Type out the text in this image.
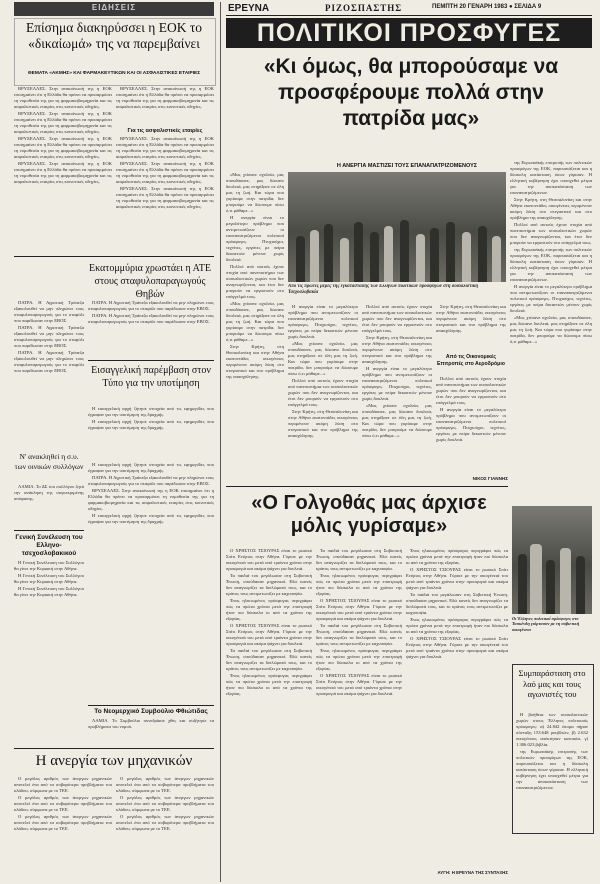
ΕΙΔΗΣΕΙΣ	ΕΡΕΥΝΑ	ΡΙΖΟΣΠΑΣΤΗΣ	ΠΕΜΠΤΗ 20 ΓΕΝΑΡΗ 1983 ● ΣΕΛΙΔΑ 9
Επίσημα διακηρύσσει η ΕΟΚ το «δικαίωμά» της να παρεμβαίνει
ΘΕΜΑΤΑ «ΑΚΜΗΣ» ΚΑΙ ΦΑΡΜΑΚΕΥΤΙΚΩΝ ΚΑΙ ΟΙ ΑΣΦΑΛΙΣΤΙΚΕΣ ΕΤΑΙΡΙΕΣ

ΒΡΥΞΕΛΛΕΣ. Στην ανακοίνωσή της η ΕΟΚ επισημαίνει ότι η Ελλάδα θα πρέπει να προσαρμόσει τη νομοθεσία της για τη φαρμακοβιομηχανία και τις ασφαλιστικές εταιρίες στις κοινοτικές οδηγίες.

ΒΡΥΞΕΛΛΕΣ. Στην ανακοίνωσή της η ΕΟΚ επισημαίνει ότι η Ελλάδα θα πρέπει να προσαρμόσει τη νομοθεσία της για τη φαρμακοβιομηχανία και τις ασφαλιστικές εταιρίες στις κοινοτικές οδηγίες.

ΒΡΥΞΕΛΛΕΣ. Στην ανακοίνωσή της η ΕΟΚ επισημαίνει ότι η Ελλάδα θα πρέπει να προσαρμόσει τη νομοθεσία της για τη φαρμακοβιομηχανία και τις ασφαλιστικές εταιρίες στις κοινοτικές οδηγίες.

ΒΡΥΞΕΛΛΕΣ. Στην ανακοίνωσή της η ΕΟΚ επισημαίνει ότι η Ελλάδα θα πρέπει να προσαρμόσει τη νομοθεσία της για τη φαρμακοβιομηχανία και τις ασφαλιστικές εταιρίες στις κοινοτικές οδηγίες.

ΒΡΥΞΕΛΛΕΣ. Στην ανακοίνωσή της η ΕΟΚ επισημαίνει ότι η Ελλάδα θα πρέπει να προσαρμόσει τη νομοθεσία της για τη φαρμακοβιομηχανία και τις ασφαλιστικές εταιρίες στις κοινοτικές οδηγίες.

Για τις ασφαλιστικές εταιρίες

ΒΡΥΞΕΛΛΕΣ. Στην ανακοίνωσή της η ΕΟΚ επισημαίνει ότι η Ελλάδα θα πρέπει να προσαρμόσει τη νομοθεσία της για τη φαρμακοβιομηχανία και τις ασφαλιστικές εταιρίες στις κοινοτικές οδηγίες.

ΒΡΥΞΕΛΛΕΣ. Στην ανακοίνωσή της η ΕΟΚ επισημαίνει ότι η Ελλάδα θα πρέπει να προσαρμόσει τη νομοθεσία της για τη φαρμακοβιομηχανία και τις ασφαλιστικές εταιρίες στις κοινοτικές οδηγίες.

ΒΡΥΞΕΛΛΕΣ. Στην ανακοίνωσή της η ΕΟΚ επισημαίνει ότι η Ελλάδα θα πρέπει να προσαρμόσει τη νομοθεσία της για τη φαρμακοβιομηχανία και τις ασφαλιστικές εταιρίες στις κοινοτικές οδηγίες.

Εκατομμύρια χρωστάει η ΑΤΕ στους σταφυλοπαραγωγούς Θηβών

ΠΑΤΡΑ. Η Αγροτική Τράπεζα εξακολουθεί να μην πληρώνει τους σταφυλοπαραγωγούς για το σταφύλι που παρέδωσαν στην ΕΒΟΣ.

ΠΑΤΡΑ. Η Αγροτική Τράπεζα εξακολουθεί να μην πληρώνει τους σταφυλοπαραγωγούς για το σταφύλι που παρέδωσαν στην ΕΒΟΣ.

ΠΑΤΡΑ. Η Αγροτική Τράπεζα εξακολουθεί να μην πληρώνει τους σταφυλοπαραγωγούς για το σταφύλι που παρέδωσαν στην ΕΒΟΣ.

ΠΑΤΡΑ. Η Αγροτική Τράπεζα εξακολουθεί να μην πληρώνει τους σταφυλοπαραγωγούς για το σταφύλι που παρέδωσαν στην ΕΒΟΣ.

ΠΑΤΡΑ. Η Αγροτική Τράπεζα εξακολουθεί να μην πληρώνει τους σταφυλοπαραγωγούς για το σταφύλι που παρέδωσαν στην ΕΒΟΣ.

Εισαγγελική παρέμβαση στον Τύπο για την υποτίμηση

Η εισαγγελική αρχή ζήτησε στοιχεία από τις εφημερίδες που έγραψαν για την υποτίμηση της δραχμής.

Η εισαγγελική αρχή ζήτησε στοιχεία από τις εφημερίδες που έγραψαν για την υποτίμηση της δραχμής.

Ν' ανακληθεί η σ.υ. των οινικών συλλόγων

ΛΑΜΙΑ. Το ΔΣ του συλλόγου ζητά την ανάκληση της συγκεκριμένης απόφασης.

Γενική Συνέλευση του Ελληνο-τσεχοσλοβακικού

Η Γενική Συνέλευση του Συλλόγου θα γίνει την Κυριακή στην Αθήνα.

Η Γενική Συνέλευση του Συλλόγου θα γίνει την Κυριακή στην Αθήνα.

Η Γενική Συνέλευση του Συλλόγου θα γίνει την Κυριακή στην Αθήνα.

Η εισαγγελική αρχή ζήτησε στοιχεία από τις εφημερίδες που έγραψαν για την υποτίμηση της δραχμής.

ΠΑΤΡΑ. Η Αγροτική Τράπεζα εξακολουθεί να μην πληρώνει τους σταφυλοπαραγωγούς για το σταφύλι που παρέδωσαν στην ΕΒΟΣ.

ΒΡΥΞΕΛΛΕΣ. Στην ανακοίνωσή της η ΕΟΚ επισημαίνει ότι η Ελλάδα θα πρέπει να προσαρμόσει τη νομοθεσία της για τη φαρμακοβιομηχανία και τις ασφαλιστικές εταιρίες στις κοινοτικές οδηγίες.

Η εισαγγελική αρχή ζήτησε στοιχεία από τις εφημερίδες που έγραψαν για την υποτίμηση της δραχμής.

Το Νεομερχικό Συμβούλιο Φθιώτιδας

ΛΑΜΙΑ. Το Συμβούλιο συνεδρίασε χθες και συζήτησε τα προβλήματα του νομού.

Η ανεργία των μηχανικών

Ο μεγάλος αριθμός των άνεργων μηχανικών αποτελεί ένα από τα σοβαρότερα προβλήματα του κλάδου, σύμφωνα με το ΤΕΕ.

Ο μεγάλος αριθμός των άνεργων μηχανικών αποτελεί ένα από τα σοβαρότερα προβλήματα του κλάδου, σύμφωνα με το ΤΕΕ.

Ο μεγάλος αριθμός των άνεργων μηχανικών αποτελεί ένα από τα σοβαρότερα προβλήματα του κλάδου, σύμφωνα με το ΤΕΕ.

Ο μεγάλος αριθμός των άνεργων μηχανικών αποτελεί ένα από τα σοβαρότερα προβλήματα του κλάδου, σύμφωνα με το ΤΕΕ.

Ο μεγάλος αριθμός των άνεργων μηχανικών αποτελεί ένα από τα σοβαρότερα προβλήματα του κλάδου, σύμφωνα με το ΤΕΕ.

Ο μεγάλος αριθμός των άνεργων μηχανικών αποτελεί ένα από τα σοβαρότερα προβλήματα του κλάδου, σύμφωνα με το ΤΕΕ.

ΠΟΛΙΤΙΚΟΙ ΠΡΟΣΦΥΓΕΣ
«Κι όμως, θα μπορούσαμε να προσφέρουμε πολλά στην πατρίδα μας»
Η ΑΝΕΡΓΙΑ ΜΑΣΤΙΖΕΙ ΤΟΥΣ ΕΠΑΝΑΠΑΤΡΙΖΟΜΕΝΟΥΣ

«Μας χτίσανε σχολεία, μας σπουδάσανε, μας δώσανε δουλειά, μας στηρίξανε σε όλη μας τη ζωή. Και τώρα που γυρίσαμε στην πατρίδα, δεν μπορούμε να δώσουμε πίσω ό,τι μάθαμε...»

Η ανεργία είναι το μεγαλύτερο πρόβλημα που αντιμετωπίζουν οι επαναπατριζόμενοι πολιτικοί πρόσφυγες. Πτυχιούχοι, τεχνίτες, εργάτες με πείρα δεκαετιών μένουν χωρίς δουλειά.

Πολλοί από αυτούς έχουν πτυχία από πανεπιστήμια των σοσιαλιστικών χωρών που δεν αναγνωρίζονται, και έτσι δεν μπορούν να εργαστούν στο επάγγελμά τους.

«Μας χτίσανε σχολεία, μας σπουδάσανε, μας δώσανε δουλειά, μας στηρίξανε σε όλη μας τη ζωή. Και τώρα που γυρίσαμε στην πατρίδα, δεν μπορούμε να δώσουμε πίσω ό,τι μάθαμε...»

Στην Κρήτη, στη Θεσσαλονίκη και στην Αθήνα εκατοντάδες οικογένειες περιμένουν ακόμη λύση στο στεγαστικό και στο πρόβλημα της απασχόλησης.

Από τις πρώτες μέρες της εγκατάστασής των Ελλήνων πολιτικών προσφύγων στη σοσιαλιστική Τσεχοσλοβακία

Η ανεργία είναι το μεγαλύτερο πρόβλημα που αντιμετωπίζουν οι επαναπατριζόμενοι πολιτικοί πρόσφυγες. Πτυχιούχοι, τεχνίτες, εργάτες με πείρα δεκαετιών μένουν χωρίς δουλειά.

«Μας χτίσανε σχολεία, μας σπουδάσανε, μας δώσανε δουλειά, μας στηρίξανε σε όλη μας τη ζωή. Και τώρα που γυρίσαμε στην πατρίδα, δεν μπορούμε να δώσουμε πίσω ό,τι μάθαμε...»

Πολλοί από αυτούς έχουν πτυχία από πανεπιστήμια των σοσιαλιστικών χωρών που δεν αναγνωρίζονται, και έτσι δεν μπορούν να εργαστούν στο επάγγελμά τους.

Στην Κρήτη, στη Θεσσαλονίκη και στην Αθήνα εκατοντάδες οικογένειες περιμένουν ακόμη λύση στο στεγαστικό και στο πρόβλημα της απασχόλησης.

Πολλοί από αυτούς έχουν πτυχία από πανεπιστήμια των σοσιαλιστικών χωρών που δεν αναγνωρίζονται, και έτσι δεν μπορούν να εργαστούν στο επάγγελμά τους.

Στην Κρήτη, στη Θεσσαλονίκη και στην Αθήνα εκατοντάδες οικογένειες περιμένουν ακόμη λύση στο στεγαστικό και στο πρόβλημα της απασχόλησης.

Η ανεργία είναι το μεγαλύτερο πρόβλημα που αντιμετωπίζουν οι επαναπατριζόμενοι πολιτικοί πρόσφυγες. Πτυχιούχοι, τεχνίτες, εργάτες με πείρα δεκαετιών μένουν χωρίς δουλειά.

«Μας χτίσανε σχολεία, μας σπουδάσανε, μας δώσανε δουλειά, μας στηρίξανε σε όλη μας τη ζωή. Και τώρα που γυρίσαμε στην πατρίδα, δεν μπορούμε να δώσουμε πίσω ό,τι μάθαμε...»

Στην Κρήτη, στη Θεσσαλονίκη και στην Αθήνα εκατοντάδες οικογένειες περιμένουν ακόμη λύση στο στεγαστικό και στο πρόβλημα της απασχόλησης.

Από τις Οικονομικές Επιτροπές στο Αεροδρόμιο

Πολλοί από αυτούς έχουν πτυχία από πανεπιστήμια των σοσιαλιστικών χωρών που δεν αναγνωρίζονται, και έτσι δεν μπορούν να εργαστούν στο επάγγελμά τους.

Η ανεργία είναι το μεγαλύτερο πρόβλημα που αντιμετωπίζουν οι επαναπατριζόμενοι πολιτικοί πρόσφυγες. Πτυχιούχοι, τεχνίτες, εργάτες με πείρα δεκαετιών μένουν χωρίς δουλειά.

ΝΙΚΟΣ ΓΙΑΝΝΗΣ

της Ευρωπαϊκής επιτροπής των πολιτικών προσφύγων της ΕΟΚ, παρουσιάζεται και η δύσκολη κατάσταση όσων γύρισαν. Η ελληνική κυβέρνηση έχει υποσχεθεί μέτρα για την αποκατάσταση των επαναπατριζόμενων.

Στην Κρήτη, στη Θεσσαλονίκη και στην Αθήνα εκατοντάδες οικογένειες περιμένουν ακόμη λύση στο στεγαστικό και στο πρόβλημα της απασχόλησης.

Πολλοί από αυτούς έχουν πτυχία από πανεπιστήμια των σοσιαλιστικών χωρών που δεν αναγνωρίζονται, και έτσι δεν μπορούν να εργαστούν στο επάγγελμά τους.

της Ευρωπαϊκής επιτροπής των πολιτικών προσφύγων της ΕΟΚ, παρουσιάζεται και η δύσκολη κατάσταση όσων γύρισαν. Η ελληνική κυβέρνηση έχει υποσχεθεί μέτρα για την αποκατάσταση των επαναπατριζόμενων.

Η ανεργία είναι το μεγαλύτερο πρόβλημα που αντιμετωπίζουν οι επαναπατριζόμενοι πολιτικοί πρόσφυγες. Πτυχιούχοι, τεχνίτες, εργάτες με πείρα δεκαετιών μένουν χωρίς δουλειά.

«Μας χτίσανε σχολεία, μας σπουδάσανε, μας δώσανε δουλειά, μας στηρίξανε σε όλη μας τη ζωή. Και τώρα που γυρίσαμε στην πατρίδα, δεν μπορούμε να δώσουμε πίσω ό,τι μάθαμε...»

«Ο Γολγοθάς μας άρχισε μόλις γυρίσαμε»

Ο ΧΡΗΣΤΟΣ ΤΣΙΟΥΡΑΣ είναι το ρωσικό Σπίτι Ενόριος στην Αθήνα. Γύρισε με την οικογένειά του μετά από τριάντα χρόνια στην προσφυγιά και ακόμα ψάχνει για δουλειά.

Τα παιδιά του μεγάλωσαν στη Σοβιετική Ένωση, σπούδασαν μηχανικοί. Εδώ κανείς δεν αναγνωρίζει τα διπλώματά τους, και το κράτος τους αντιμετωπίζει με καχυποψία.

Ένας ηλικιωμένος πρόσφυγας περιγράφει πώς τα πρώτα χρόνια μετά την επιστροφή ήταν πιο δύσκολα κι από τα χρόνια της εξορίας.

Ο ΧΡΗΣΤΟΣ ΤΣΙΟΥΡΑΣ είναι το ρωσικό Σπίτι Ενόριος στην Αθήνα. Γύρισε με την οικογένειά του μετά από τριάντα χρόνια στην προσφυγιά και ακόμα ψάχνει για δουλειά.

Τα παιδιά του μεγάλωσαν στη Σοβιετική Ένωση, σπούδασαν μηχανικοί. Εδώ κανείς δεν αναγνωρίζει τα διπλώματά τους, και το κράτος τους αντιμετωπίζει με καχυποψία.

Ένας ηλικιωμένος πρόσφυγας περιγράφει πώς τα πρώτα χρόνια μετά την επιστροφή ήταν πιο δύσκολα κι από τα χρόνια της εξορίας.

Τα παιδιά του μεγάλωσαν στη Σοβιετική Ένωση, σπούδασαν μηχανικοί. Εδώ κανείς δεν αναγνωρίζει τα διπλώματά τους, και το κράτος τους αντιμετωπίζει με καχυποψία.

Ένας ηλικιωμένος πρόσφυγας περιγράφει πώς τα πρώτα χρόνια μετά την επιστροφή ήταν πιο δύσκολα κι από τα χρόνια της εξορίας.

Ο ΧΡΗΣΤΟΣ ΤΣΙΟΥΡΑΣ είναι το ρωσικό Σπίτι Ενόριος στην Αθήνα. Γύρισε με την οικογένειά του μετά από τριάντα χρόνια στην προσφυγιά και ακόμα ψάχνει για δουλειά.

Τα παιδιά του μεγάλωσαν στη Σοβιετική Ένωση, σπούδασαν μηχανικοί. Εδώ κανείς δεν αναγνωρίζει τα διπλώματά τους, και το κράτος τους αντιμετωπίζει με καχυποψία.

Ένας ηλικιωμένος πρόσφυγας περιγράφει πώς τα πρώτα χρόνια μετά την επιστροφή ήταν πιο δύσκολα κι από τα χρόνια της εξορίας.

Ο ΧΡΗΣΤΟΣ ΤΣΙΟΥΡΑΣ είναι το ρωσικό Σπίτι Ενόριος στην Αθήνα. Γύρισε με την οικογένειά του μετά από τριάντα χρόνια στην προσφυγιά και ακόμα ψάχνει για δουλειά.

Ένας ηλικιωμένος πρόσφυγας περιγράφει πώς τα πρώτα χρόνια μετά την επιστροφή ήταν πιο δύσκολα κι από τα χρόνια της εξορίας.

Ο ΧΡΗΣΤΟΣ ΤΣΙΟΥΡΑΣ είναι το ρωσικό Σπίτι Ενόριος στην Αθήνα. Γύρισε με την οικογένειά του μετά από τριάντα χρόνια στην προσφυγιά και ακόμα ψάχνει για δουλειά.

Τα παιδιά του μεγάλωσαν στη Σοβιετική Ένωση, σπούδασαν μηχανικοί. Εδώ κανείς δεν αναγνωρίζει τα διπλώματά τους, και το κράτος τους αντιμετωπίζει με καχυποψία.

Ένας ηλικιωμένος πρόσφυγας περιγράφει πώς τα πρώτα χρόνια μετά την επιστροφή ήταν πιο δύσκολα κι από τα χρόνια της εξορίας.

Ο ΧΡΗΣΤΟΣ ΤΣΙΟΥΡΑΣ είναι το ρωσικό Σπίτι Ενόριος στην Αθήνα. Γύρισε με την οικογένειά του μετά από τριάντα χρόνια στην προσφυγιά και ακόμα ψάχνει για δουλειά.

ΑΥΓΗ: Η ΕΡΕΥΝΑ ΤΗΣ ΣΥΝΤΑΞΗΣ
Οι Έλληνες πολιτικοί πρόσφυγες στο Τασκένδη γιόρτασαν με τη σοβιετική οικογένεια
Συμπαράσταση στο λαό μας και τους αγωνιστές του

Η βοήθεια των σοσιαλιστικών χωρών στους Έλληνες πολιτικούς πρόσφυγες: α) 24.842 άτομα πήραν σύνταξη 153.648 ρουβλιών, β) 2.632 οικογένειες απέκτησαν κατοικία, γ) 1.306.023 βιβλία.

της Ευρωπαϊκής επιτροπής των πολιτικών προσφύγων της ΕΟΚ, παρουσιάζεται και η δύσκολη κατάσταση όσων γύρισαν. Η ελληνική κυβέρνηση έχει υποσχεθεί μέτρα για την αποκατάσταση των επαναπατριζόμενων.
